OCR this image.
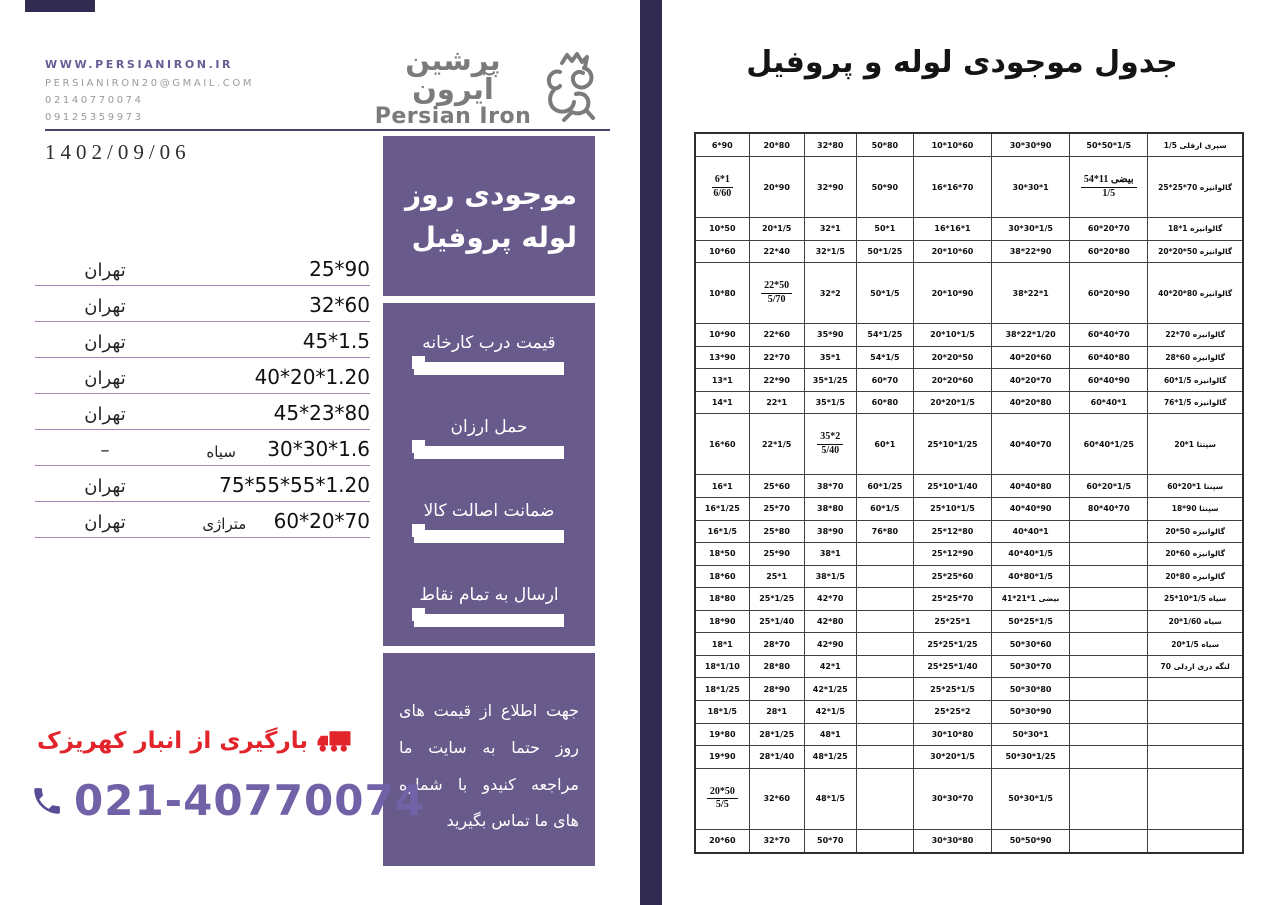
WWW.PERSIANIRON.IR
PERSIANIRON20@GMAIL.COM
02140770074
09125359973
پرشین آیرون
Persian Iron
1402/09/06
تهران	25*90
تهران	32*60
تهران	45*1.5
تهران	40*20*1.20
تهران	45*23*80
–	سیاه	30*30*1.6
تهران	75*55*55*1.20
تهران	متراژی	60*20*70
موجودی روز
لوله پروفیل
قیمت درب کارخانه
حمل ارزان
ضمانت اصالت کالا
ارسال به تمام نقاط

جهت اطلاع از قیمت های روز حتما به سایت ما مراجعه کنیدو با شماره های ما تماس بگیرید

بارگیری از انبار کهریزک
021-40770074
جدول موجودی لوله و پروفیل
سپری ارفلی 1/5	50*50*1/5	30*30*90	10*10*60	50*80	32*80	20*80	6*90
گالوانیزه 25*25*70	$\frac{\text{بیضی 54*11}}{1/5}$	30*30*1	16*16*70	50*90	32*90	20*90	$\frac{6*1}{6/60}$

گالوانیزه 18*1	60*20*70	30*30*1/5	16*16*1	50*1	32*1	20*1/5	10*50
گالوانیزه 20*20*50	60*20*80	38*22*90	20*10*60	50*1/25	32*1/5	22*40	10*60
گالوانیزه 40*20*80	60*20*90	38*22*1	20*10*90	50*1/5	32*2	$\frac{22*50}{5/70}$	10*80
گالوانیزه 22*70	60*40*70	38*22*1/20	20*10*1/5	54*1/25	35*90	22*60	10*90
گالوانیزه 28*60	60*40*80	40*20*60	20*20*50	54*1/5	35*1	22*70	13*90
گالوانیزه 60*1/5	60*40*90	40*20*70	20*20*60	60*70	35*1/25	22*90	13*1
گالوانیزه 76*1/5	60*40*1	40*20*80	20*20*1/5	60*80	35*1/5	22*1	14*1
سپنتا 20*1	60*40*1/25	40*40*70	25*10*1/25	60*1	$\frac{35*2}{5/40}$	22*1/5	16*60
سپنتا 60*20*1	60*20*1/5	40*40*80	25*10*1/40	60*1/25	38*70	25*60	16*1
سپنتا 18*90	80*40*70	40*40*90	25*10*1/5	60*1/5	38*80	25*70	16*1/25
گالوانیزه 20*50		40*40*1	25*12*80	76*80	38*90	25*80	16*1/5
گالوانیزه 20*60		40*40*1/5	25*12*90		38*1	25*90	18*50
گالوانیزه 20*80		40*80*1/5	25*25*60		38*1/5	25*1	18*60
سیاه 25*10*1/5		بیضی 41*21*1	25*25*70		42*70	25*1/25	18*80
سیاه 20*1/60		50*25*1/5	25*25*1		42*80	25*1/40	18*90
سیاه 20*1/5		50*30*60	25*25*1/25		42*90	28*70	18*1
لنگه دری اردلی 70		50*30*70	25*25*1/40		42*1	28*80	18*1/10
		50*30*80	25*25*1/5		42*1/25	28*90	18*1/25
		50*30*90	25*25*2		42*1/5	28*1	18*1/5
		50*30*1	30*10*80		48*1	28*1/25	19*80
		50*30*1/25	30*20*1/5		48*1/25	28*1/40	19*90
		50*30*1/5	30*30*70		48*1/5	32*60	$\frac{20*50}{5/5}$

		50*50*90	30*30*80		50*70	32*70	20*60
